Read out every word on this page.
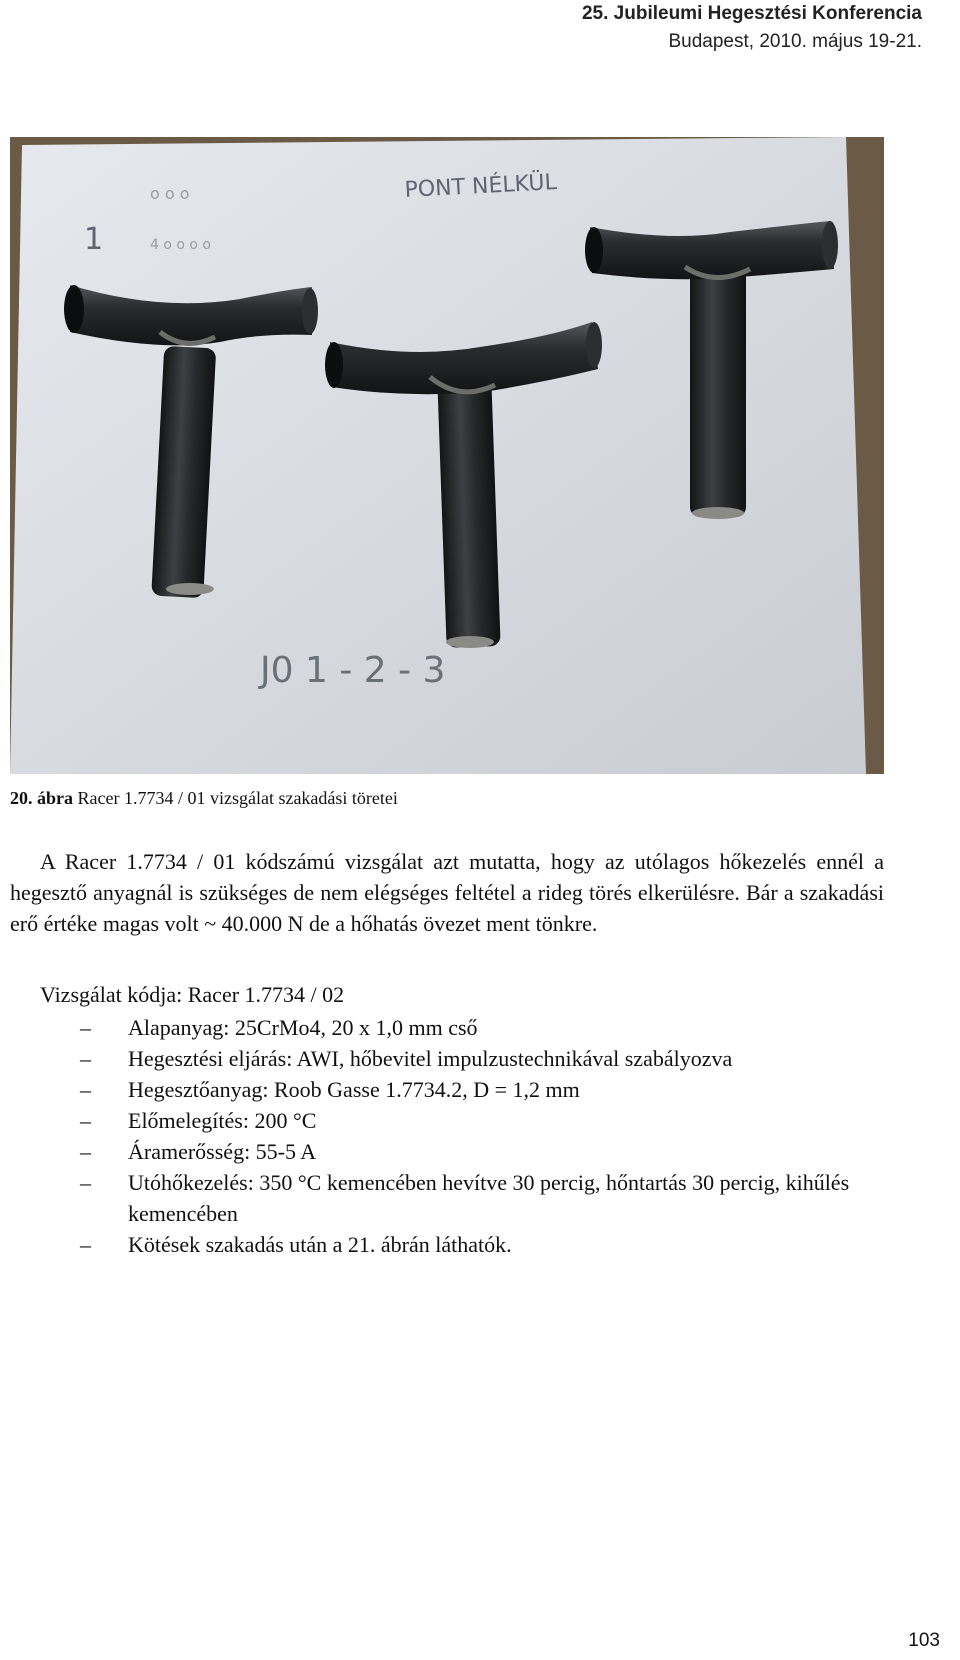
25. Jubileumi Hegesztési Konferencia
Budapest, 2010. május 19-21.
o o o
4 o o o o
1
PONT NÉLKÜL
J0 1 - 2 - 3
20. ábra Racer 1.7734 / 01 vizsgálat szakadási töretei

A Racer 1.7734 / 01 kódszámú vizsgálat azt mutatta, hogy az utólagos hőkezelés ennél a hegesztő anyagnál is szükséges de nem elégséges feltétel a rideg törés elkerülésre. Bár a szakadási erő értéke magas volt ~ 40.000 N de a hőhatás övezet ment tönkre.

Vizsgálat kódja: Racer 1.7734 / 02
– Alapanyag: 25CrMo4, 20 x 1,0 mm cső
– Hegesztési eljárás: AWI, hőbevitel impulzustechnikával szabályozva
– Hegesztőanyag: Roob Gasse 1.7734.2, D = 1,2 mm
– Előmelegítés: 200 °C
– Áramerősség: 55-5 A
– Utóhőkezelés: 350 °C kemencében hevítve 30 percig, hőntartás 30 percig, kihűlés kemencében
– Kötések szakadás után a 21. ábrán láthatók.
103
